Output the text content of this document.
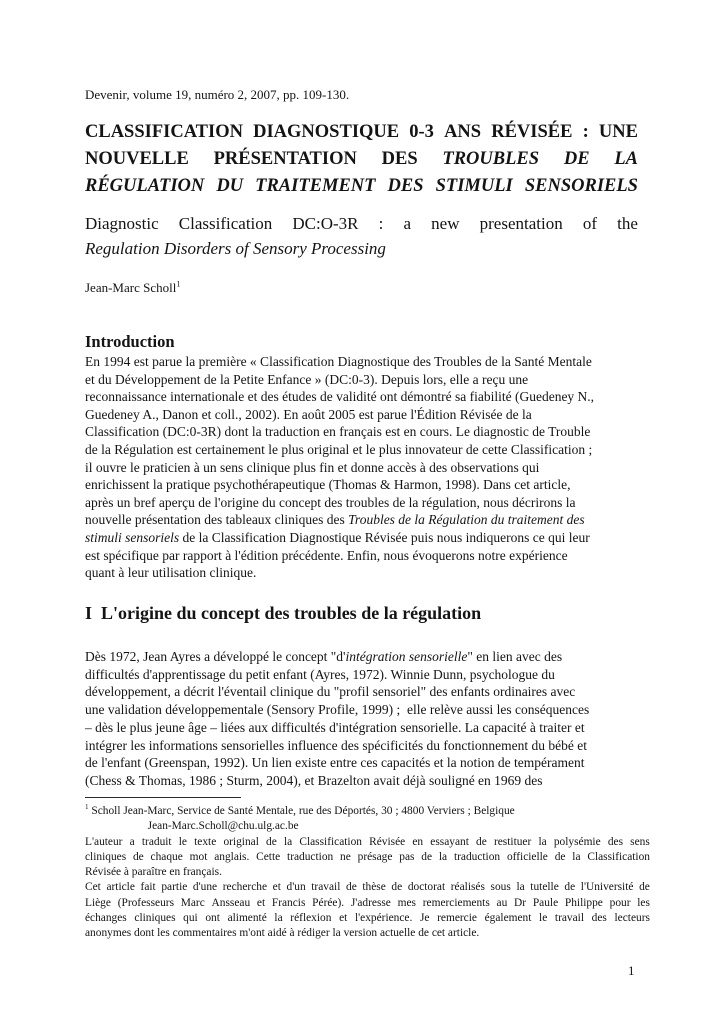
Devenir, volume 19, numéro 2, 2007, pp. 109-130.
CLASSIFICATION DIAGNOSTIQUE 0-3 ANS RÉVISÉE : UNE
NOUVELLE PRÉSENTATION DES TROUBLES DE LA
RÉGULATION DU TRAITEMENT DES STIMULI SENSORIELS
Diagnostic Classification DC:O-3R : a new presentation of the
Regulation Disorders of Sensory Processing
Jean-Marc Scholl$^1$
Introduction
En 1994 est parue la première « Classification Diagnostique des Troubles de la Santé Mentale
et du Développement de la Petite Enfance » (DC:0-3). Depuis lors, elle a reçu une
reconnaissance internationale et des études de validité ont démontré sa fiabilité (Guedeney N.,
Guedeney A., Danon et coll., 2002). En août 2005 est parue l'Édition Révisée de la
Classification (DC:0-3R) dont la traduction en français est en cours. Le diagnostic de Trouble
de la Régulation est certainement le plus original et le plus innovateur de cette Classification ;
il ouvre le praticien à un sens clinique plus fin et donne accès à des observations qui
enrichissent la pratique psychothérapeutique (Thomas & Harmon, 1998). Dans cet article,
après un bref aperçu de l'origine du concept des troubles de la régulation, nous décrirons la
nouvelle présentation des tableaux cliniques des Troubles de la Régulation du traitement des
stimuli sensoriels de la Classification Diagnostique Révisée puis nous indiquerons ce qui leur
est spécifique par rapport à l'édition précédente. Enfin, nous évoquerons notre expérience
quant à leur utilisation clinique.
I  L'origine du concept des troubles de la régulation
Dès 1972, Jean Ayres a développé le concept "d'intégration sensorielle" en lien avec des
difficultés d'apprentissage du petit enfant (Ayres, 1972). Winnie Dunn, psychologue du
développement, a décrit l'éventail clinique du "profil sensoriel" des enfants ordinaires avec
une validation développementale (Sensory Profile, 1999) ;  elle relève aussi les conséquences
– dès le plus jeune âge – liées aux difficultés d'intégration sensorielle. La capacité à traiter et
intégrer les informations sensorielles influence des spécificités du fonctionnement du bébé et
de l'enfant (Greenspan, 1992). Un lien existe entre ces capacités et la notion de tempérament
(Chess & Thomas, 1986 ; Sturm, 2004), et Brazelton avait déjà souligné en 1969 des
$^1$ Scholl Jean-Marc, Service de Santé Mentale, rue des Déportés, 30 ; 4800 Verviers ; Belgique
Jean-Marc.Scholl@chu.ulg.ac.be
L'auteur a traduit le texte original de la Classification Révisée en essayant de restituer la polysémie des sens
cliniques de chaque mot anglais. Cette traduction ne présage pas de la traduction officielle de la Classification
Révisée à paraître en français.
Cet article fait partie d'une recherche et d'un travail de thèse de doctorat réalisés sous la tutelle de l'Université de
Liège (Professeurs Marc Ansseau et Francis Pérée). J'adresse mes remerciements au Dr Paule Philippe pour les
échanges cliniques qui ont alimenté la réflexion et l'expérience. Je remercie également le travail des lecteurs
anonymes dont les commentaires m'ont aidé à rédiger la version actuelle de cet article.
1
